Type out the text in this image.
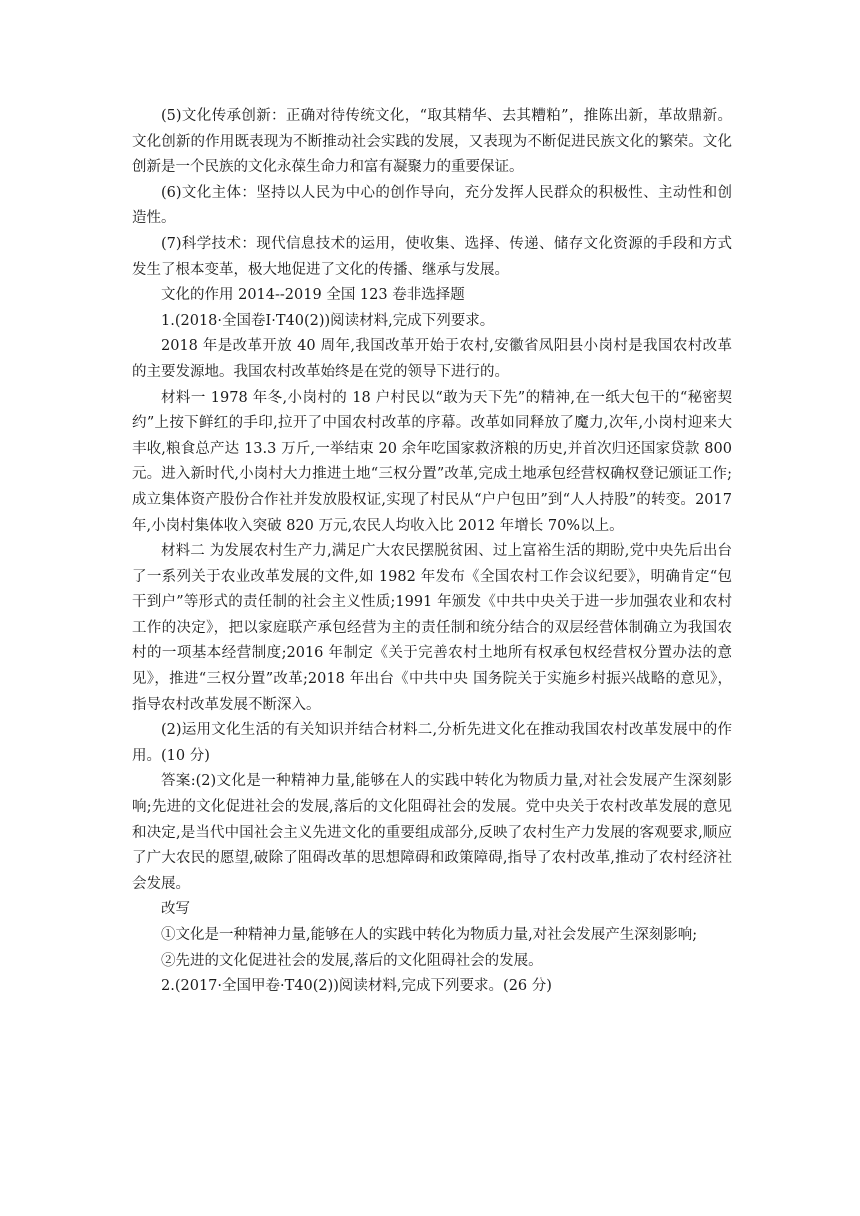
(5)文化传承创新：正确对待传统文化，“取其精华、去其糟粕”，推陈出新，革故鼎新。文化创新的作用既表现为不断推动社会实践的发展，又表现为不断促进民族文化的繁荣。文化创新是一个民族的文化永葆生命力和富有凝聚力的重要保证。

(6)文化主体：坚持以人民为中心的创作导向，充分发挥人民群众的积极性、主动性和创造性。

(7)科学技术：现代信息技术的运用，使收集、选择、传递、储存文化资源的手段和方式发生了根本变革，极大地促进了文化的传播、继承与发展。

文化的作用 2014--2019 全国 123 卷非选择题

1.(2018·全国卷Ⅰ·T40(2))阅读材料,完成下列要求。

2018 年是改革开放 40 周年,我国改革开始于农村,安徽省凤阳县小岗村是我国农村改革的主要发源地。我国农村改革始终是在党的领导下进行的。

材料一 1978 年冬,小岗村的 18 户村民以“敢为天下先”的精神,在一纸大包干的“秘密契约”上按下鲜红的手印,拉开了中国农村改革的序幕。改革如同释放了魔力,次年,小岗村迎来大丰收,粮食总产达 13.3 万斤,一举结束 20 余年吃国家救济粮的历史,并首次归还国家贷款 800 元。进入新时代,小岗村大力推进土地“三权分置”改革,完成土地承包经营权确权登记颁证工作;成立集体资产股份合作社并发放股权证,实现了村民从“户户包田”到“人人持股”的转变。2017 年,小岗村集体收入突破 820 万元,农民人均收入比 2012 年增长 70%以上。

材料二 为发展农村生产力,满足广大农民摆脱贫困、过上富裕生活的期盼,党中央先后出台了一系列关于农业改革发展的文件,如 1982 年发布《全国农村工作会议纪要》，明确肯定“包干到户”等形式的责任制的社会主义性质;1991 年颁发《中共中央关于进一步加强农业和农村工作的决定》，把以家庭联产承包经营为主的责任制和统分结合的双层经营体制确立为我国农村的一项基本经营制度;2016 年制定《关于完善农村土地所有权承包权经营权分置办法的意见》，推进“三权分置”改革;2018 年出台《中共中央 国务院关于实施乡村振兴战略的意见》，指导农村改革发展不断深入。

(2)运用文化生活的有关知识并结合材料二,分析先进文化在推动我国农村改革发展中的作用。(10 分)

答案:(2)文化是一种精神力量,能够在人的实践中转化为物质力量,对社会发展产生深刻影响;先进的文化促进社会的发展,落后的文化阻碍社会的发展。党中央关于农村改革发展的意见和决定,是当代中国社会主义先进文化的重要组成部分,反映了农村生产力发展的客观要求,顺应了广大农民的愿望,破除了阻碍改革的思想障碍和政策障碍,指导了农村改革,推动了农村经济社会发展。

改写

①文化是一种精神力量,能够在人的实践中转化为物质力量,对社会发展产生深刻影响;

②先进的文化促进社会的发展,落后的文化阻碍社会的发展。

2.(2017·全国甲卷·T40(2))阅读材料,完成下列要求。(26 分)
